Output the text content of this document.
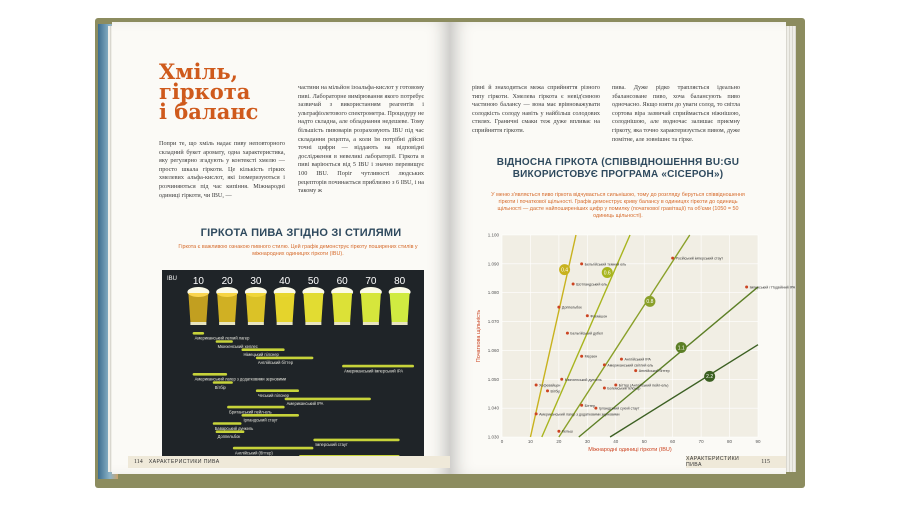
Хміль,
гіркота
і баланс

Попри те, що хміль надає пиву неповторного складний букет аромату, одна характеристика, яку регулярно згадують у контексті хмелю — просто шкала гіркоти. Це кількість гірких хмелевих альфа-кислот, які ізомеризуються і розчиняються під час кипіння. Міжнародні одиниці гіркоти, чи IBU, —

частини на мільйон ізоальфа-кислот у готовому пиві. Лабораторне вимірювання якого потребує зазвичай з використанням реагентів і ультрафіолетового спектрометра. Процедуру не надто складна, але обладнання недешеве. Тому більшість пивоварів розраховують IBU під час складання рецепта, а коли їм потрібні дійсні точні цифри — віддають на відповідні дослідження в невеликі лабораторії. Гіркота в пиві варіюється від 5 IBU і значно перевищує 100 IBU. Поріг чутливості людських рецепторів починається приблизно з 6 IBU, і на такому ж

ГІРКОТА ПИВА ЗГІДНО ЗІ СТИЛЯМИ

Гіркота є важливою ознакою пивного стилю. Цей графік демонструє гіркоту поширених стилів у міжнародних одиницях гіркоти (IBU).

IBU 10 20 30 40 50 60 70 80
Американський легкий лагер
Мюнхенський хеллес
Німецький пілснер
Англійський біттер
Американський імперський IPA
Американський лагер з додатковими зерновими
Вітбір
Чеський пілснер
Американський IPA
Британський пейл-ель
Ірландський стаут
Баварський дункель
Доппельбок
Імперський стаут
Англійський (біттер)
114 ХАРАКТЕРИСТИКИ ПИВА

рівні й знаходиться межа сприйняття різного типу гіркоти. Хмелева гіркота є невід'ємною частиною балансу — вона має врівноважувати солодкість солоду навіть у найбільш солодових стилях. Граничні смаки теж дуже впливає на сприйняття гіркоти.

пива. Дуже рідко трапляється ідеально збалансоване пиво, хоча балансують пиво одночасно. Якщо взяти до уваги солод, то світла сортова віра зазвичай сприймається ніжнішою, солоднішою, але водночас залишає приємну гіркоту, яка точно характеризується пивом, дуже помітне, але зовнішнє та гірке.

ВІДНОСНА ГІРКОТА (СПІВВІДНОШЕННЯ BU:GU ВИКОРИСТОВУЄ ПРОГРАМА «СІСЕРОН»)

У меню з'являється пиво гіркота відчувається сильнішою, тому до розгляду беруться співвідношення гіркоти і початкової щільності. Графік демонструє криву балансу в одиницях гіркоти до одиниць щільності — дасте найпоширеніших цифр у помилку (початкової гравітації) та об'єми (1050 = 50 одиниць щільності).

0	10	20	30	40	50	60	70	80	90
1.030
1.040
1.050
1.060
1.070
1.080
1.090
1.100
Міжнародні одиниці гіркоти (IBU)
Початкова щільність
0.4	0.6
0.8
1.1
2.2
Бельгійський темний ель
Шотландський ель
Російський імперський стаут
Імперський / Подвійний IPA
Доппельбок
Флемішон
Бельгійський дубел
Мерзен
Американський світлий ель
Англійський ІРА
Англійський біттер
Хефевайцен
Мюнхенський дункель
Вітбір
Богемський пілснер
Біттер (Англійський пейл-ель)
Ірландський сухий стаут
Американський лагер з додатковими зерновими
Кельш
Біттер
ХАРАКТЕРИСТИКИ ПИВА	115
